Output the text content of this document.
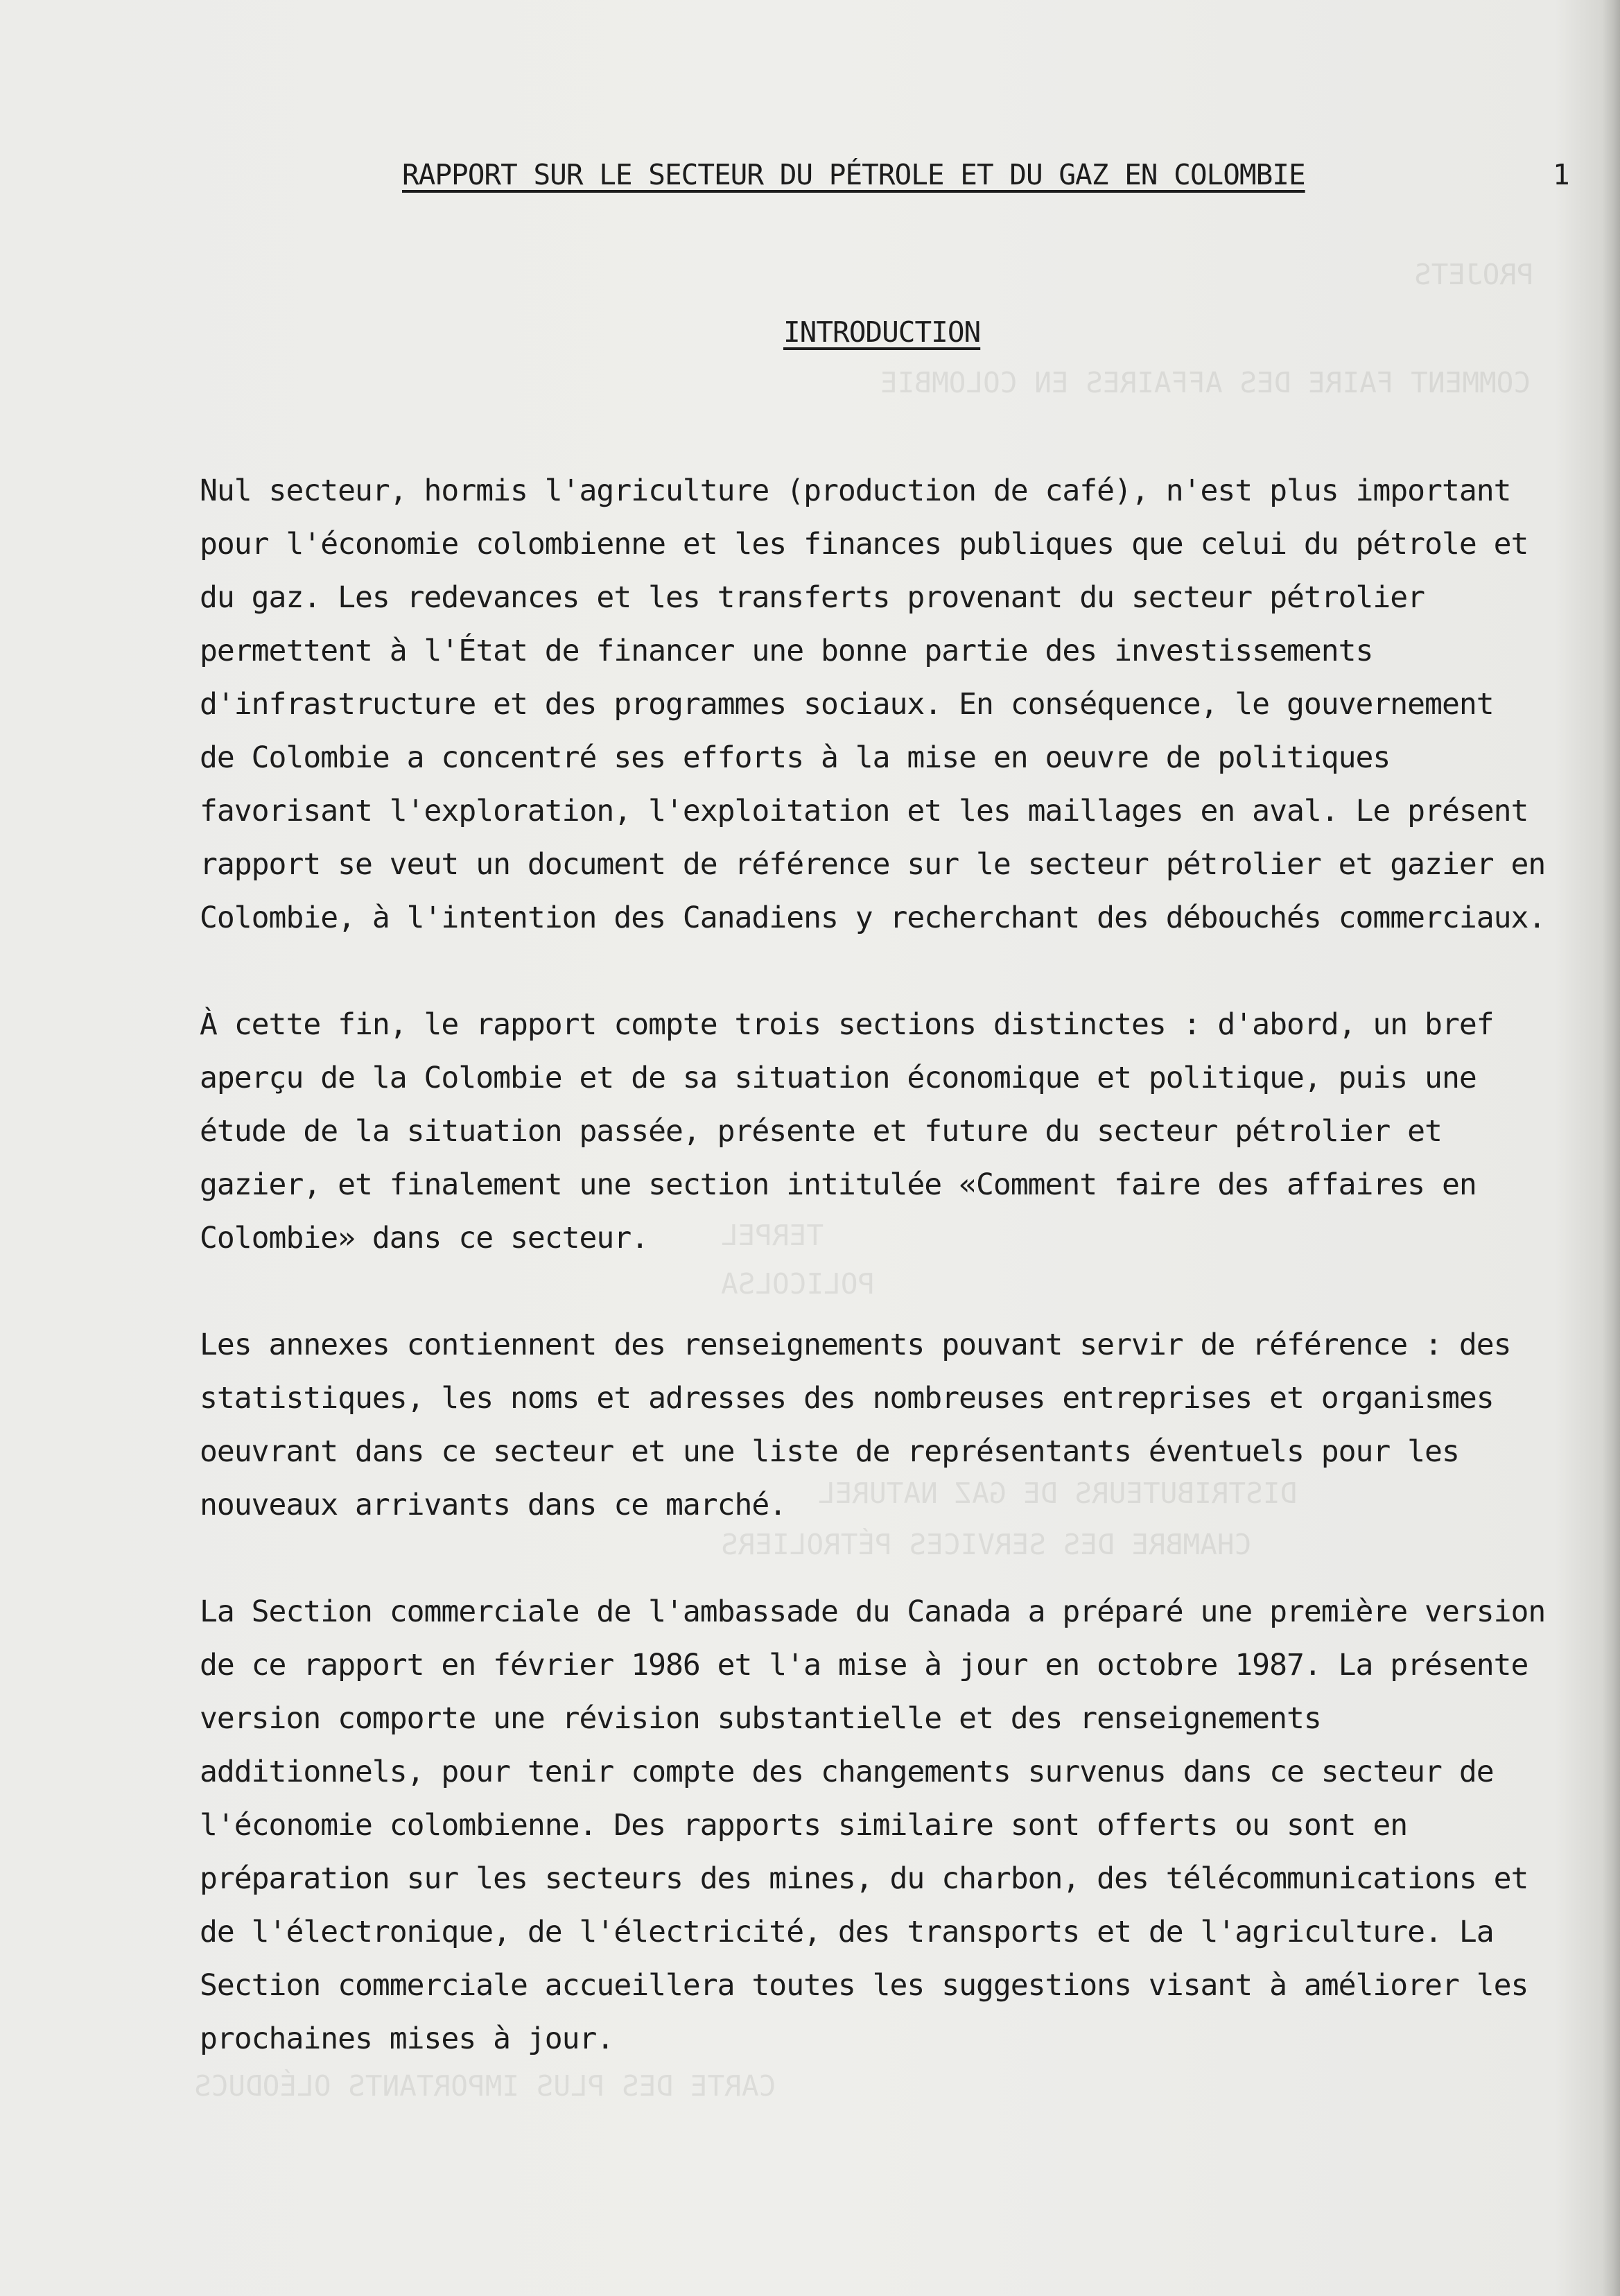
PROJETS
COMMENT FAIRE DES AFFAIRES EN COLOMBIE
TERPEL
POLICOLSA
DISTRIBUTEURS DE GAZ NATUREL
CHAMBRE DES SERVICES PÉTROLIERS
CARTE DES PLUS IMPORTANTS OLÉODUCS
RAPPORT SUR LE SECTEUR DU PÉTROLE ET DU GAZ EN COLOMBIE	1
INTRODUCTION
Nul secteur, hormis l'agriculture (production de café), n'est plus important
pour l'économie colombienne et les finances publiques que celui du pétrole et
du gaz. Les redevances et les transferts provenant du secteur pétrolier
permettent à l'État de financer une bonne partie des investissements
d'infrastructure et des programmes sociaux. En conséquence, le gouvernement
de Colombie a concentré ses efforts à la mise en oeuvre de politiques
favorisant l'exploration, l'exploitation et les maillages en aval. Le présent
rapport se veut un document de référence sur le secteur pétrolier et gazier en
Colombie, à l'intention des Canadiens y recherchant des débouchés commerciaux.
À cette fin, le rapport compte trois sections distinctes : d'abord, un bref
aperçu de la Colombie et de sa situation économique et politique, puis une
étude de la situation passée, présente et future du secteur pétrolier et
gazier, et finalement une section intitulée «Comment faire des affaires en
Colombie» dans ce secteur.
Les annexes contiennent des renseignements pouvant servir de référence : des
statistiques, les noms et adresses des nombreuses entreprises et organismes
oeuvrant dans ce secteur et une liste de représentants éventuels pour les
nouveaux arrivants dans ce marché.
La Section commerciale de l'ambassade du Canada a préparé une première version
de ce rapport en février 1986 et l'a mise à jour en octobre 1987. La présente
version comporte une révision substantielle et des renseignements
additionnels, pour tenir compte des changements survenus dans ce secteur de
l'économie colombienne. Des rapports similaire sont offerts ou sont en
préparation sur les secteurs des mines, du charbon, des télécommunications et
de l'électronique, de l'électricité, des transports et de l'agriculture. La
Section commerciale accueillera toutes les suggestions visant à améliorer les
prochaines mises à jour.
